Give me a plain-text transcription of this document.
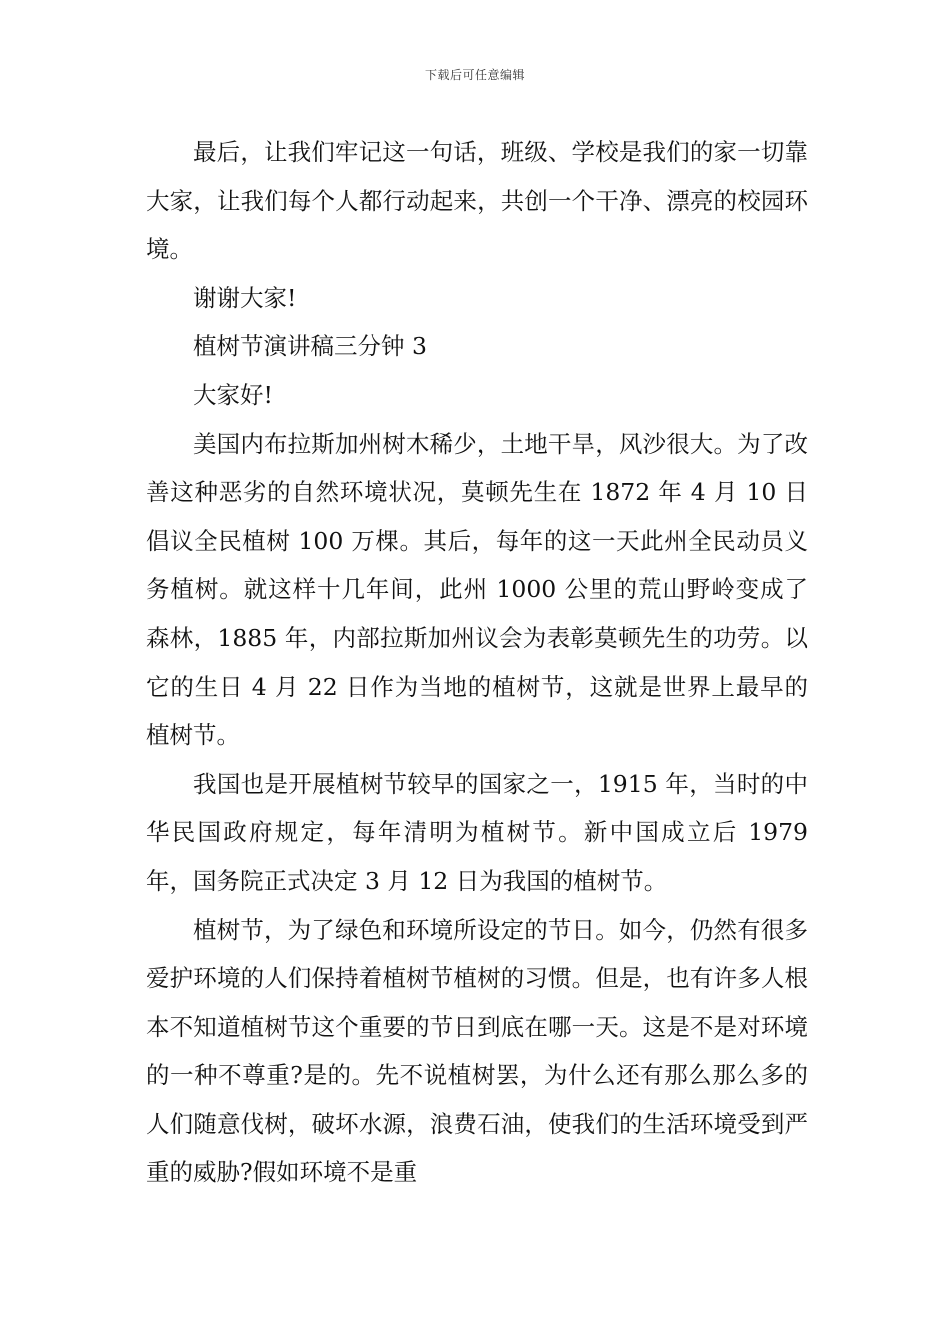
下载后可任意编辑

最后，让我们牢记这一句话，班级、学校是我们的家一切靠大家，让我们每个人都行动起来，共创一个干净、漂亮的校园环境。

谢谢大家!

植树节演讲稿三分钟 3

大家好!

美国内布拉斯加州树木稀少，土地干旱，风沙很大。为了改善这种恶劣的自然环境状况，莫顿先生在 1872 年 4 月 10 日倡议全民植树 100 万棵。其后，每年的这一天此州全民动员义务植树。就这样十几年间，此州 1000 公里的荒山野岭变成了森林，1885 年，内部拉斯加州议会为表彰莫顿先生的功劳。以它的生日 4 月 22 日作为当地的植树节，这就是世界上最早的植树节。

我国也是开展植树节较早的国家之一，1915 年，当时的中华民国政府规定，每年清明为植树节。新中国成立后 1979 年，国务院正式决定 3 月 12 日为我国的植树节。

植树节，为了绿色和环境所设定的节日。如今，仍然有很多爱护环境的人们保持着植树节植树的习惯。但是，也有许多人根本不知道植树节这个重要的节日到底在哪一天。这是不是对环境的一种不尊重?是的。先不说植树罢，为什么还有那么那么多的人们随意伐树，破坏水源，浪费石油，使我们的生活环境受到严重的威胁?假如环境不是重
